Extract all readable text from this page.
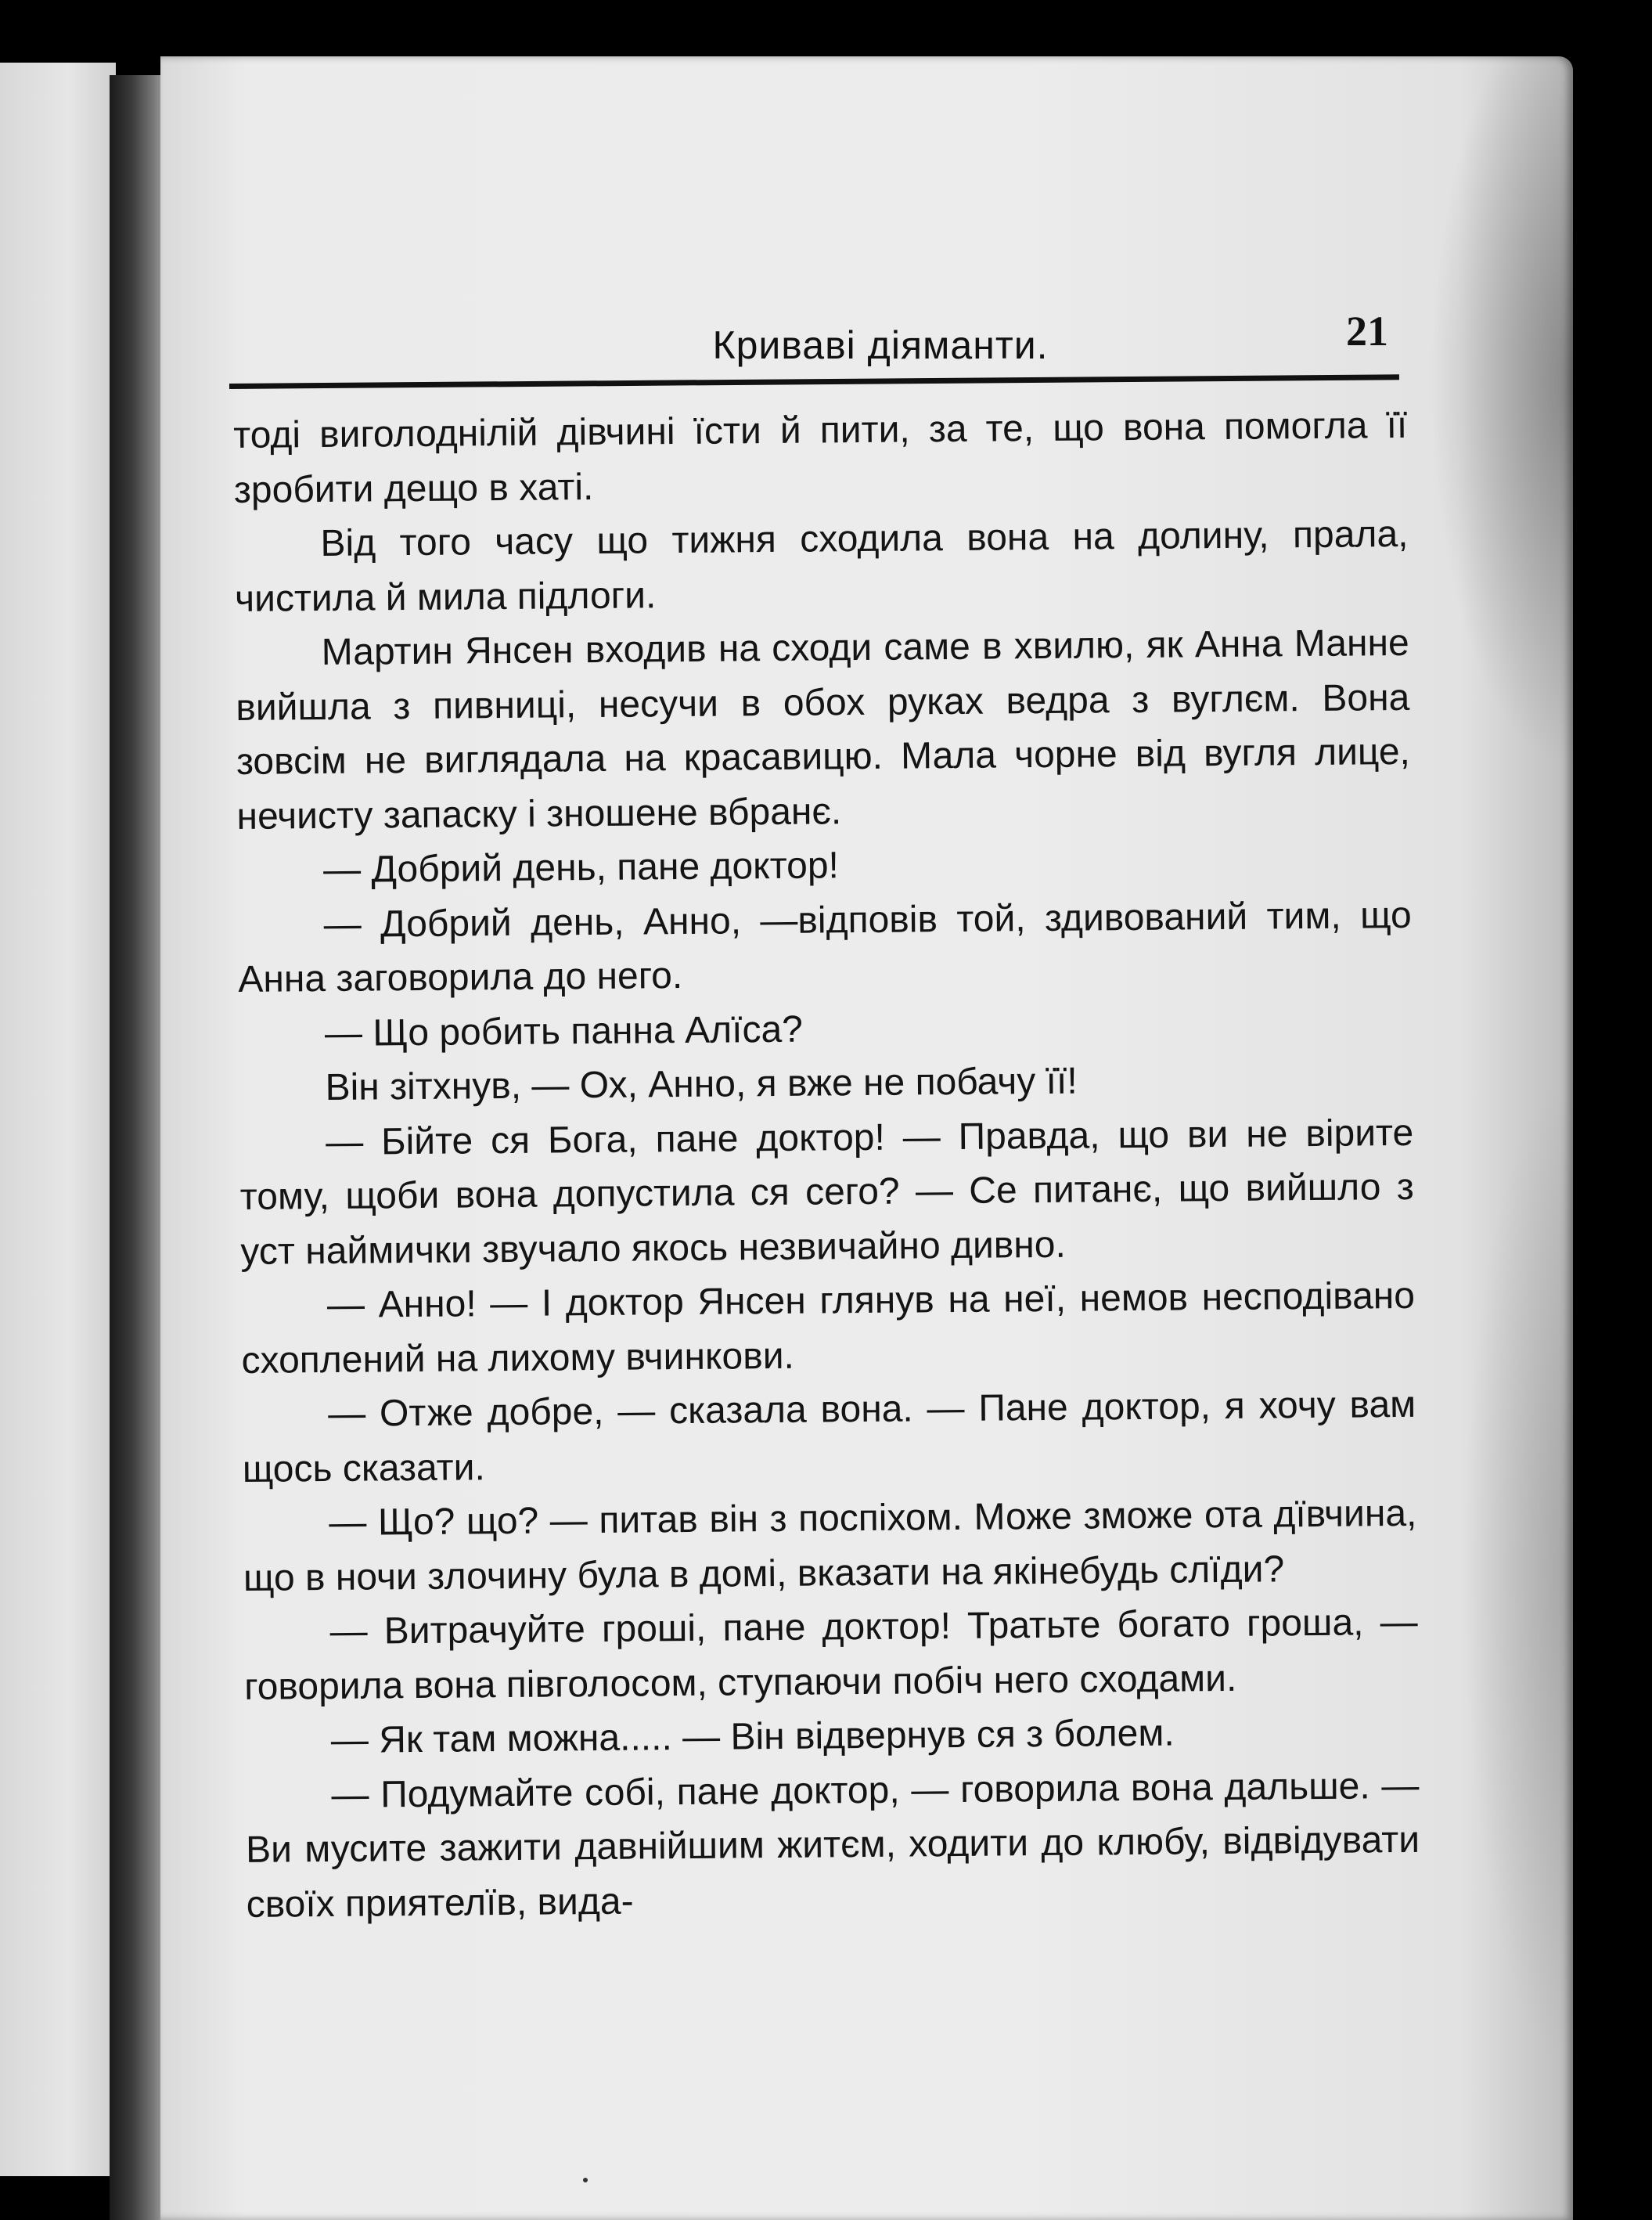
Криваві діяманти.	21

тоді виголоднілій дівчині їсти й пити, за те, що вона помогла її зробити дещо в хаті.

Від того часу що тижня сходила вона на долину, прала, чистила й мила підлоги.

Мартин Янсен входив на сходи саме в хвилю, як Анна Манне вийшла з пивниці, несучи в обох руках ведра з вуглєм. Вона зовсім не виглядала на красавицю. Мала чорне від вугля лице, нечисту запаску і зношене вбранє.

— Добрий день, пане доктор!

— Добрий день, Анно, —відповів той, здивований тим, що Анна заговорила до него.

— Що робить панна Алїса?

Він зітхнув, — Ох, Анно, я вже не побачу її!

— Бійте ся Бога, пане доктор! — Правда, що ви не вірите тому, щоби вона допустила ся сего? — Се питанє, що вийшло з уст наймички звучало якось незвичайно дивно.

— Анно! — І доктор Янсен глянув на неї, немов несподівано схоплений на лихому вчинкови.

— Отже добре, — сказала вона. — Пане доктор, я хочу вам щось сказати.

— Що? що? — питав він з поспіхом. Може зможе ота дївчина, що в ночи злочину була в домі, вказати на якінебудь слїди?

— Витрачуйте гроші, пане доктор! Тратьте богато гроша, — говорила вона півголосом, ступаючи побіч него сходами.

— Як там можна..... — Він відвернув ся з болем.

— Подумайте собі, пане доктор, — говорила вона дальше. — Ви мусите зажити давнійшим житєм, ходити до клюбу, відвідувати своїх приятелїв, вида-
